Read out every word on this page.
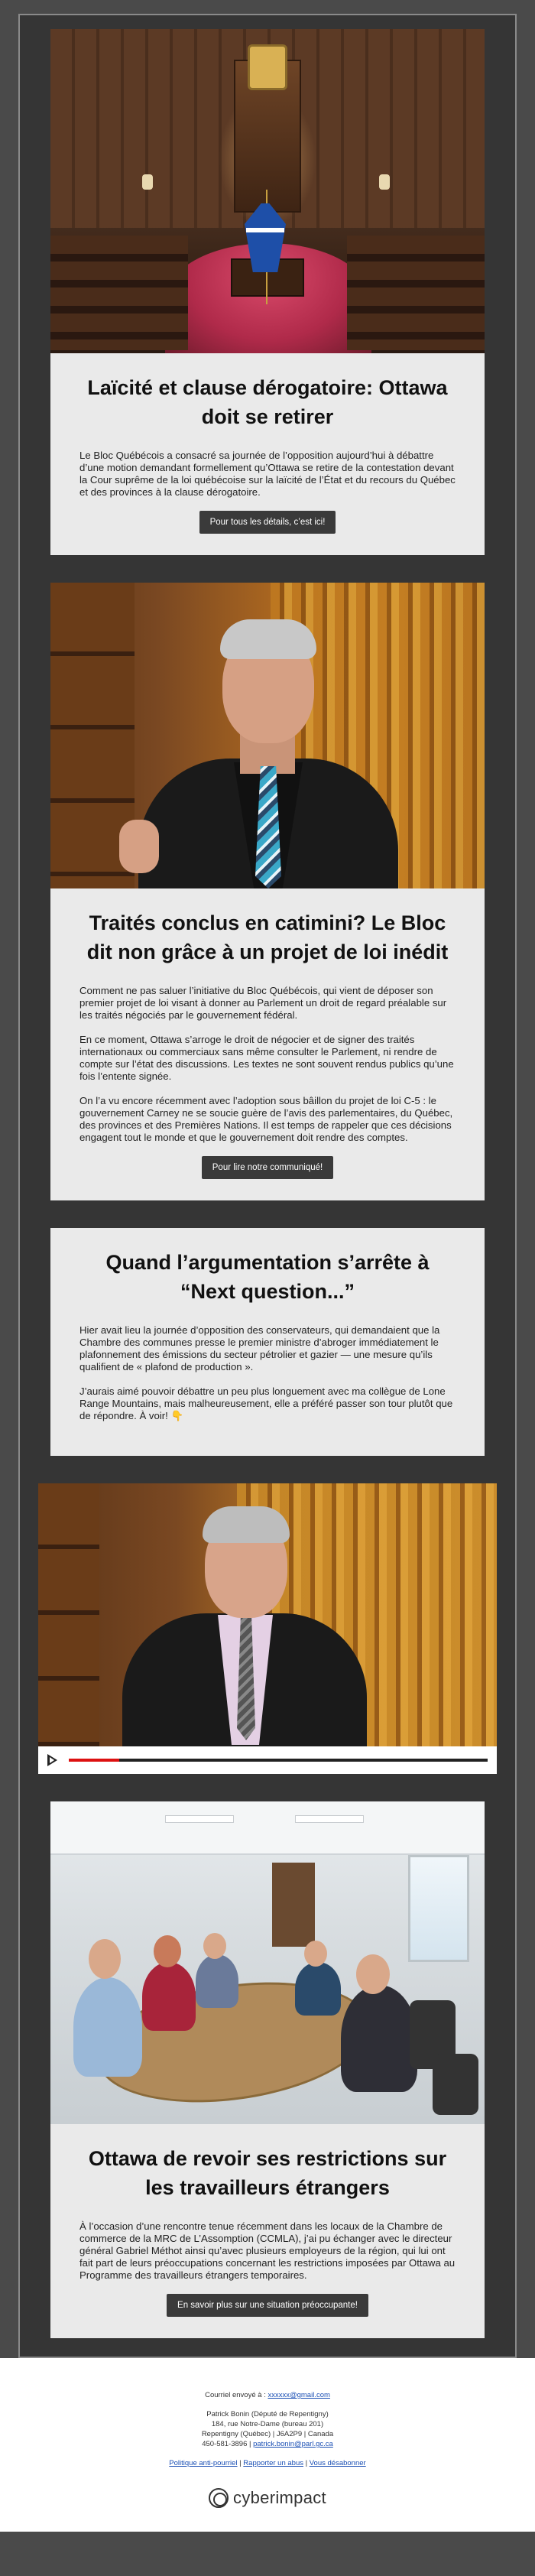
Laïcité et clause dérogatoire: Ottawa doit se retirer

Le Bloc Québécois a consacré sa journée de l’opposition aujourd’hui à débattre d’une motion demandant formellement qu’Ottawa se retire de la contestation devant la Cour suprême de la loi québécoise sur la laïcité de l’État et du recours du Québec et des provinces à la clause dérogatoire.

Pour tous les détails, c’est ici!
Traités conclus en catimini? Le Bloc dit non grâce à un projet de loi inédit

Comment ne pas saluer l’initiative du Bloc Québécois, qui vient de déposer son premier projet de loi visant à donner au Parlement un droit de regard préalable sur les traités négociés par le gouvernement fédéral.

En ce moment, Ottawa s’arroge le droit de négocier et de signer des traités internationaux ou commerciaux sans même consulter le Parlement, ni rendre de compte sur l’état des discussions. Les textes ne sont souvent rendus publics qu’une fois l’entente signée.

On l’a vu encore récemment avec l’adoption sous bâillon du projet de loi C-5 : le gouvernement Carney ne se soucie guère de l’avis des parlementaires, du Québec, des provinces et des Premières Nations. Il est temps de rappeler que ces décisions engagent tout le monde et que le gouvernement doit rendre des comptes.

Pour lire notre communiqué!
Quand l’argumentation s’arrête à “Next question...”

Hier avait lieu la journée d’opposition des conservateurs, qui demandaient que la Chambre des communes presse le premier ministre d’abroger immédiatement le plafonnement des émissions du secteur pétrolier et gazier — une mesure qu’ils qualifient de « plafond de production ».

J’aurais aimé pouvoir débattre un peu plus longuement avec ma collègue de Lone Range Mountains, mais malheureusement, elle a préféré passer son tour plutôt que de répondre. À voir! 👇

Ottawa de revoir ses restrictions sur les travailleurs étrangers

À l’occasion d’une rencontre tenue récemment dans les locaux de la Chambre de commerce de la MRC de L’Assomption (CCMLA), j’ai pu échanger avec le directeur général Gabriel Méthot ainsi qu’avec plusieurs employeurs de la région, qui lui ont fait part de leurs préoccupations concernant les restrictions imposées par Ottawa au Programme des travailleurs étrangers temporaires.

En savoir plus sur une situation préoccupante!
Courriel envoyé à : xxxxxx@gmail.com
Patrick Bonin (Député de Repentigny)
184, rue Notre-Dame (bureau 201)
Repentigny (Québec) | J6A2P9 | Canada
450-581-3896 | patrick.bonin@parl.gc.ca
Politique anti-pourriel | Rapporter un abus | Vous désabonner
cyberimpact
